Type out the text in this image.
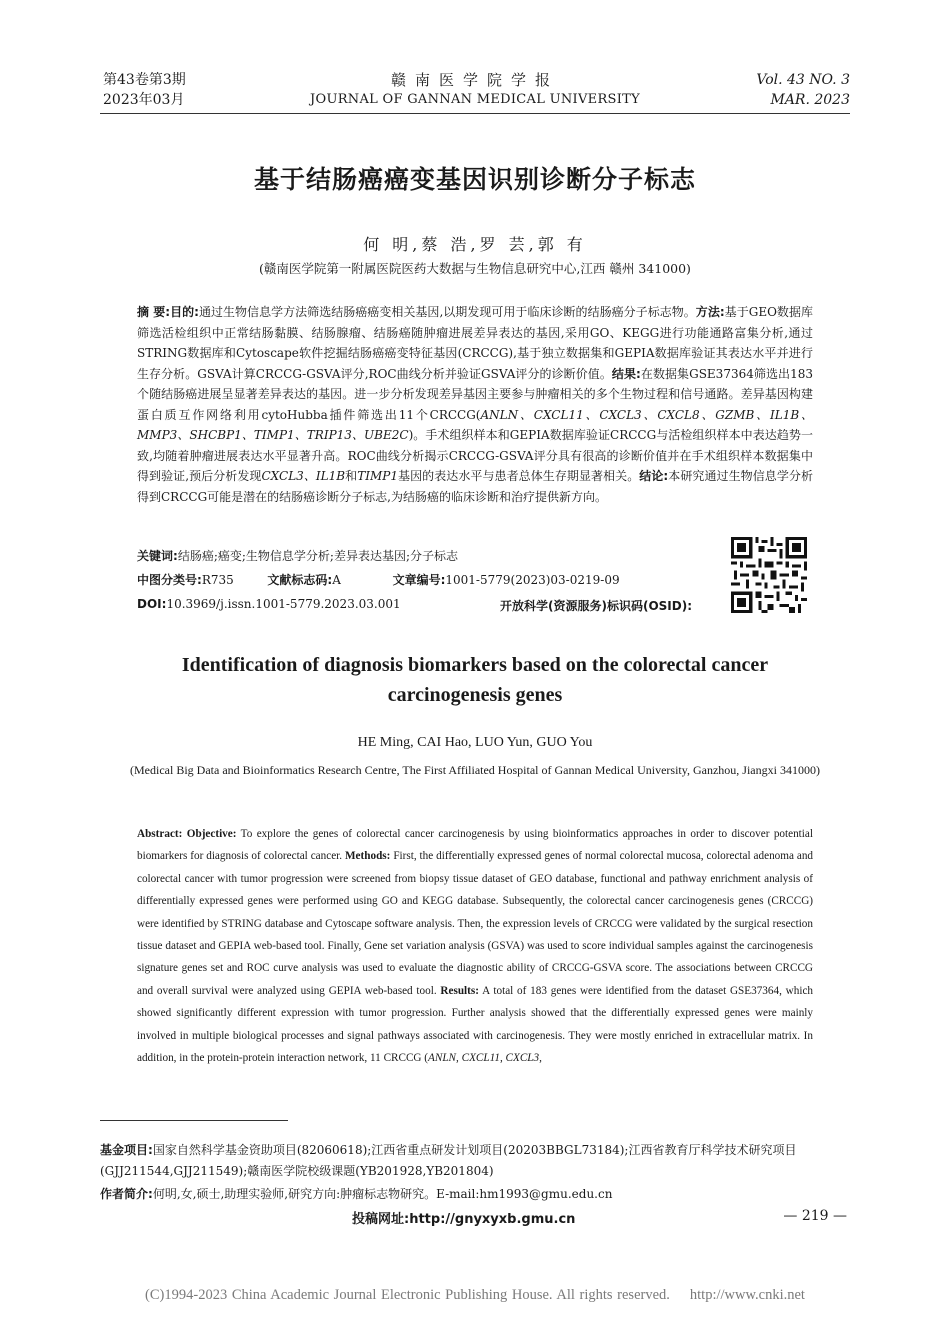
第43卷第3期
2023年03月
赣南医学院学报
JOURNAL OF GANNAN MEDICAL UNIVERSITY
Vol. 43 NO. 3
MAR. 2023
基于结肠癌癌变基因识别诊断分子标志
何 明,蔡 浩,罗 芸,郭 有
(赣南医学院第一附属医院医药大数据与生物信息研究中心,江西 赣州 341000)
摘 要:目的:通过生物信息学方法筛选结肠癌癌变相关基因,以期发现可用于临床诊断的结肠癌分子标志物。方法:基于GEO数据库筛选活检组织中正常结肠黏膜、结肠腺瘤、结肠癌随肿瘤进展差异表达的基因,采用GO、KEGG进行功能通路富集分析,通过STRING数据库和Cytoscape软件挖掘结肠癌癌变特征基因(CRCCG),基于独立数据集和GEPIA数据库验证其表达水平并进行生存分析。GSVA计算CRCCG-GSVA评分,ROC曲线分析并验证GSVA评分的诊断价值。结果:在数据集GSE37364筛选出183个随结肠癌进展呈显著差异表达的基因。进一步分析发现差异基因主要参与肿瘤相关的多个生物过程和信号通路。差异基因构建蛋白质互作网络利用cytoHubba插件筛选出11个CRCCG(ANLN、CXCL11、CXCL3、CXCL8、GZMB、IL1B、MMP3、SHCBP1、TIMP1、TRIP13、UBE2C)。手术组织样本和GEPIA数据库验证CRCCG与活检组织样本中表达趋势一致,均随着肿瘤进展表达水平显著升高。ROC曲线分析揭示CRCCG-GSVA评分具有很高的诊断价值并在手术组织样本数据集中得到验证,预后分析发现CXCL3、IL1B和TIMP1基因的表达水平与患者总体生存期显著相关。结论:本研究通过生物信息学分析得到CRCCG可能是潜在的结肠癌诊断分子标志,为结肠癌的临床诊断和治疗提供新方向。
关键词:结肠癌;癌变;生物信息学分析;差异表达基因;分子标志
中图分类号:R735	文献标志码:A	文章编号:1001-5779(2023)03-0219-09
DOI:10.3969/j.issn.1001-5779.2023.03.001	开放科学(资源服务)标识码(OSID):
Identification of diagnosis biomarkers based on the colorectal cancer carcinogenesis genes
HE Ming, CAI Hao, LUO Yun, GUO You
(Medical Big Data and Bioinformatics Research Centre, The First Affiliated Hospital of Gannan Medical University, Ganzhou, Jiangxi 341000)
Abstract: Objective: To explore the genes of colorectal cancer carcinogenesis by using bioinformatics approaches in order to discover potential biomarkers for diagnosis of colorectal cancer. Methods: First, the differentially expressed genes of normal colorectal mucosa, colorectal adenoma and colorectal cancer with tumor progression were screened from biopsy tissue dataset of GEO database, functional and pathway enrichment analysis of differentially expressed genes were performed using GO and KEGG database. Subsequently, the colorectal cancer carcinogenesis genes (CRCCG) were identified by STRING database and Cytoscape software analysis. Then, the expression levels of CRCCG were validated by the surgical resection tissue dataset and GEPIA web-based tool. Finally, Gene set variation analysis (GSVA) was used to score individual samples against the carcinogenesis signature genes set and ROC curve analysis was used to evaluate the diagnostic ability of CRCCG-GSVA score. The associations between CRCCG and overall survival were analyzed using GEPIA web-based tool. Results: A total of 183 genes were identified from the dataset GSE37364, which showed significantly different expression with tumor progression. Further analysis showed that the differentially expressed genes were mainly involved in multiple biological processes and signal pathways associated with carcinogenesis. They were mostly enriched in extracellular matrix. In addition, in the protein-protein interaction network, 11 CRCCG (ANLN, CXCL11, CXCL3,
基金项目:国家自然科学基金资助项目(82060618);江西省重点研发计划项目(20203BBGL73184);江西省教育厅科学技术研究项目(GJJ211544,GJJ211549);赣南医学院校级课题(YB201928,YB201804)
作者简介:何明,女,硕士,助理实验师,研究方向:肿瘤标志物研究。E-mail:hm1993@gmu.edu.cn
投稿网址:http://gnyxyxb.gmu.cn	— 219 —
(C)1994-2023 China Academic Journal Electronic Publishing House. All rights reserved. http://www.cnki.net
